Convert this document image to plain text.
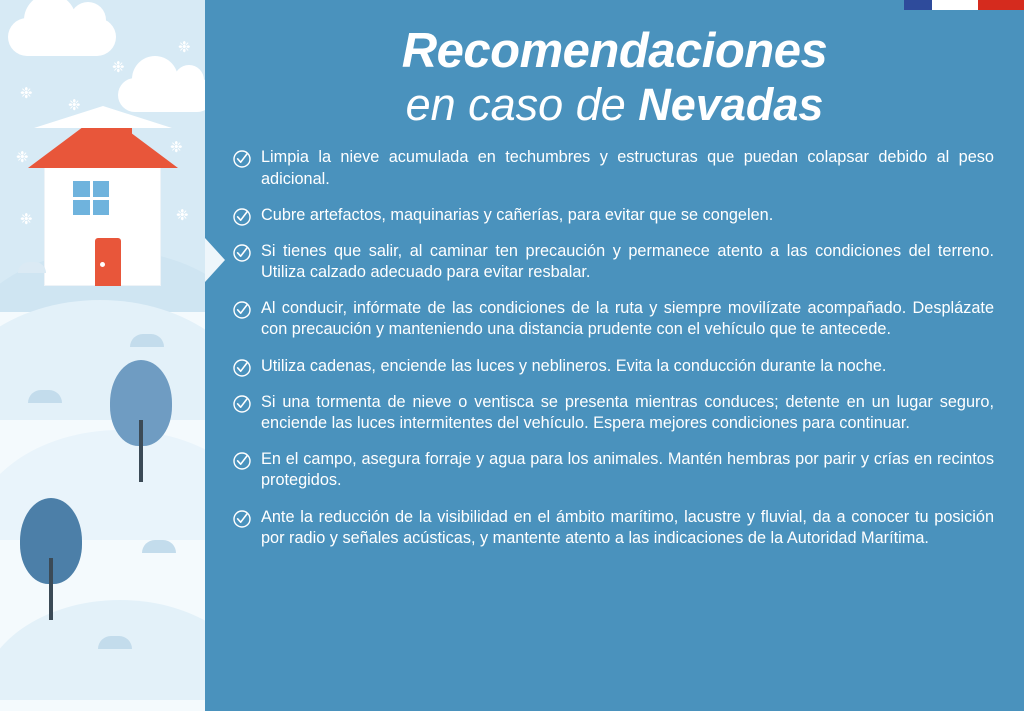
❉
❉
❉
❉
❉
❉
❉	❉
Recomendaciones
en caso de Nevadas
Limpia la nieve acumulada en techumbres y estructuras que puedan colapsar debido al peso adicional.
Cubre artefactos, maquinarias y cañerías, para evitar que se congelen.
Si tienes que salir, al caminar ten precaución y permanece atento a las condiciones del terreno. Utiliza calzado adecuado para evitar resbalar.
Al conducir, infórmate de las condiciones de la ruta y siempre movilízate acompañado. Desplázate con precaución y manteniendo una distancia prudente con el vehículo que te antecede.
Utiliza cadenas, enciende las luces y neblineros. Evita la conducción durante la noche.
Si una tormenta de nieve o ventisca se presenta mientras conduces; detente en un lugar seguro, enciende las luces intermitentes del vehículo. Espera mejores condiciones para continuar.
En el campo, asegura forraje y agua para los animales. Mantén hembras por parir y crías en recintos protegidos.
Ante la reducción de la visibilidad en el ámbito marítimo, lacustre y fluvial, da a conocer tu posición por radio y señales acústicas, y mantente atento a las indicaciones de la Autoridad Marítima.
